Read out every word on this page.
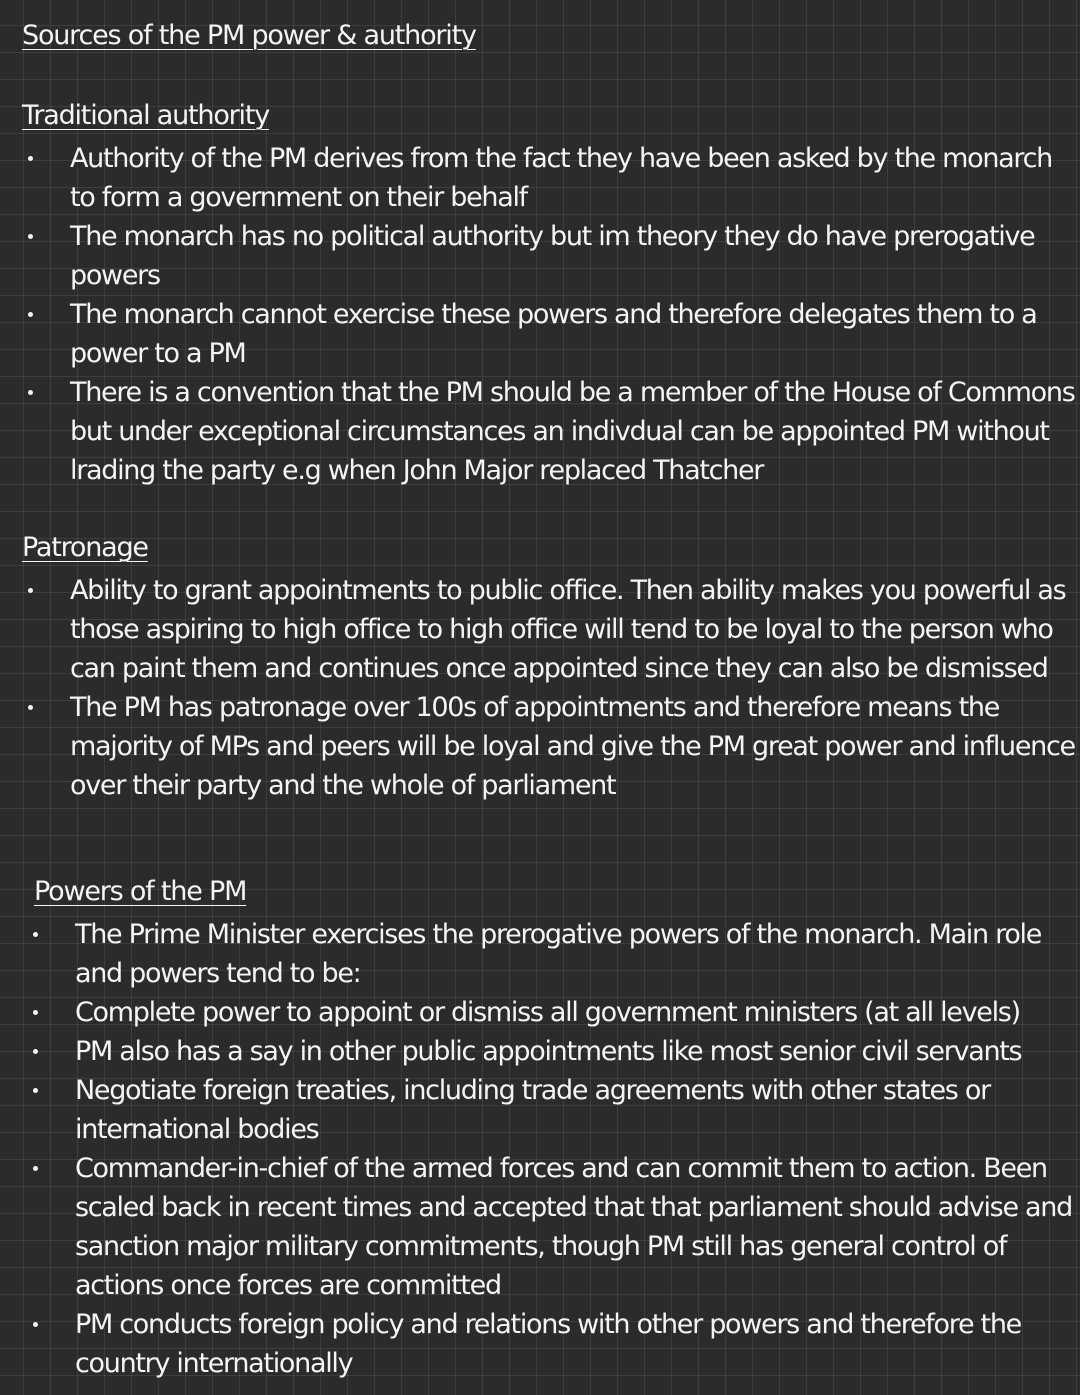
Sources of the PM power & authority
Traditional authority
Authority of the PM derives from the fact they have been asked by the monarch to form a government on their behalf
The monarch has no political authority but im theory they do have prerogative powers
The monarch cannot exercise these powers and therefore delegates them to a power to a PM
There is a convention that the PM should be a member of the House of Commons but under exceptional circumstances an indivdual can be appointed PM without lrading the party e.g when John Major replaced Thatcher
Patronage
Ability to grant appointments to public office. Then ability makes you powerful as those aspiring to high office to high office will tend to be loyal to the person who can paint them and continues once appointed since they can also be dismissed
The PM has patronage over 100s of appointments and therefore means the majority of MPs and peers will be loyal and give the PM great power and influence over their party and the whole of parliament
Powers of the PM
The Prime Minister exercises the prerogative powers of the monarch. Main role and powers tend to be:
Complete power to appoint or dismiss all government ministers (at all levels)
PM also has a say in other public appointments like most senior civil servants
Negotiate foreign treaties, including trade agreements with other states or international bodies
Commander-in-chief of the armed forces and can commit them to action. Been scaled back in recent times and accepted that that parliament should advise and sanction major military commitments, though PM still has general control of actions once forces are committed
PM conducts foreign policy and relations with other powers and therefore the country internationally
